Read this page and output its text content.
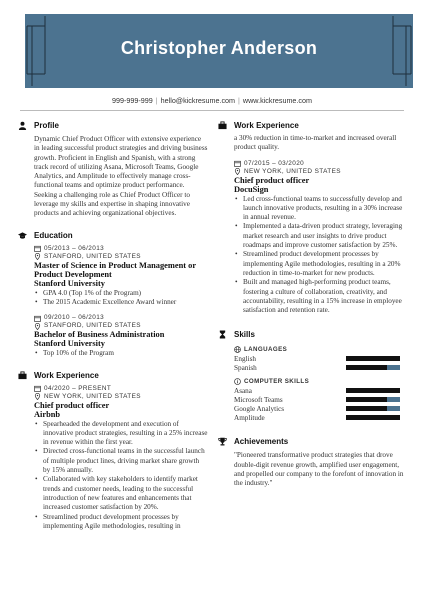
Christopher Anderson
999-999-999 | hello@kickresume.com | www.kickresume.com
Profile
Dynamic Chief Product Officer with extensive experience in leading successful product strategies and driving business growth. Proficient in English and Spanish, with a strong track record of utilizing Asana, Microsoft Teams, Google Analytics, and Amplitude to effectively manage cross-functional teams and optimize product performance. Seeking a challenging role as Chief Product Officer to leverage my skills and expertise in shaping innovative products and achieving organizational objectives.
Education
05/2013 – 06/2013
STANFORD, UNITED STATES
Master of Science in Product Management or Product Development
Stanford University
• GPA 4.0 (Top 1% of the Program)
• The 2015 Academic Excellence Award winner
09/2010 – 06/2013
STANFORD, UNITED STATES
Bachelor of Business Administration
Stanford University
• Top 10% of the Program
Work Experience
04/2020 – PRESENT
NEW YORK, UNITED STATES
Chief product officer
Airbnb
• Spearheaded the development and execution of innovative product strategies, resulting in a 25% increase in revenue within the first year.
• Directed cross-functional teams in the successful launch of multiple product lines, driving market share growth by 15% annually.
• Collaborated with key stakeholders to identify market trends and customer needs, leading to the successful introduction of new features and enhancements that increased customer satisfaction by 20%.
• Streamlined product development processes by implementing Agile methodologies, resulting in
Work Experience
a 30% reduction in time-to-market and increased overall product quality.
07/2015 – 03/2020
NEW YORK, UNITED STATES
Chief product officer
DocuSign
• Led cross-functional teams to successfully develop and launch innovative products, resulting in a 30% increase in annual revenue.
• Implemented a data-driven product strategy, leveraging market research and user insights to drive product roadmaps and improve customer satisfaction by 25%.
• Streamlined product development processes by implementing Agile methodologies, resulting in a 20% reduction in time-to-market for new products.
• Built and managed high-performing product teams, fostering a culture of collaboration, creativity, and accountability, resulting in a 15% increase in employee satisfaction and retention rate.
Skills
LANGUAGES
English
Spanish
COMPUTER SKILLS
Asana
Microsoft Teams
Google Analytics
Amplitude
Achievements
"Pioneered transformative product strategies that drove double-digit revenue growth, amplified user engagement, and propelled our company to the forefont of innovation in the industry."
